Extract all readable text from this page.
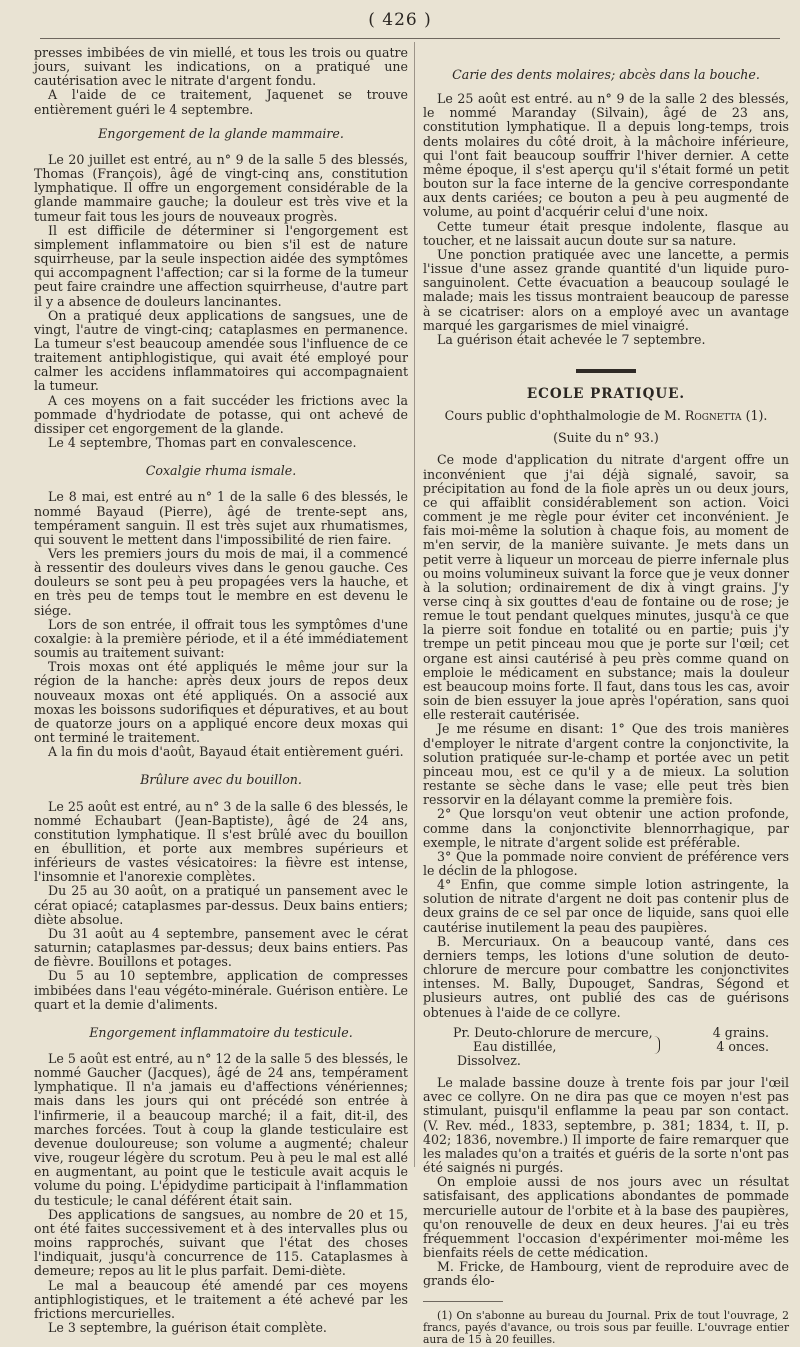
( 426 )

presses imbibées de vin miellé, et tous les trois ou quatre jours, suivant les indications, on a pratiqué une cautérisation avec le nitrate d'argent fondu.

A l'aide de ce traitement, Jaquenet se trouve entièrement guéri le 4 septembre.

Engorgement de la glande mammaire.

Le 20 juillet est entré, au n° 9 de la salle 5 des blessés, Thomas (François), âgé de vingt-cinq ans, constitution lymphatique. Il offre un engorgement considérable de la glande mammaire gauche; la douleur est très vive et la tumeur fait tous les jours de nouveaux progrès.

Il est difficile de déterminer si l'engorgement est simplement inflammatoire ou bien s'il est de nature squirrheuse, par la seule inspection aidée des symptômes qui accompagnent l'affection; car si la forme de la tumeur peut faire craindre une affection squirrheuse, d'autre part il y a absence de douleurs lancinantes.

On a pratiqué deux applications de sangsues, une de vingt, l'autre de vingt-cinq; cataplasmes en permanence. La tumeur s'est beaucoup amendée sous l'influence de ce traitement antiphlogistique, qui avait été employé pour calmer les accidens inflammatoires qui accompagnaient la tumeur.

A ces moyens on a fait succéder les frictions avec la pommade d'hydriodate de potasse, qui ont achevé de dissiper cet engorgement de la glande.

Le 4 septembre, Thomas part en convalescence.

Coxalgie rhuma ismale.

Le 8 mai, est entré au n° 1 de la salle 6 des blessés, le nommé Bayaud (Pierre), âgé de trente-sept ans, tempérament sanguin. Il est très sujet aux rhumatismes, qui souvent le mettent dans l'impossibilité de rien faire.

Vers les premiers jours du mois de mai, il a commencé à ressentir des douleurs vives dans le genou gauche. Ces douleurs se sont peu à peu propagées vers la hauche, et en très peu de temps tout le membre en est devenu le siége.

Lors de son entrée, il offrait tous les symptômes d'une coxalgie: à la première période, et il a été immédiatement soumis au traitement suivant:

Trois moxas ont été appliqués le même jour sur la région de la hanche: après deux jours de repos deux nouveaux moxas ont été appliqués. On a associé aux moxas les boissons sudorifiques et dépuratives, et au bout de quatorze jours on a appliqué encore deux moxas qui ont terminé le traitement.

A la fin du mois d'août, Bayaud était entièrement guéri.

Brûlure avec du bouillon.

Le 25 août est entré, au n° 3 de la salle 6 des blessés, le nommé Echaubart (Jean-Baptiste), âgé de 24 ans, constitution lymphatique. Il s'est brûlé avec du bouillon en ébullition, et porte aux membres supérieurs et inférieurs de vastes vésicatoires: la fièvre est intense, l'insomnie et l'anorexie complètes.

Du 25 au 30 août, on a pratiqué un pansement avec le cérat opiacé; cataplasmes par-dessus. Deux bains entiers; diète absolue.

Du 31 août au 4 septembre, pansement avec le cérat saturnin; cataplasmes par-dessus; deux bains entiers. Pas de fièvre. Bouillons et potages.

Du 5 au 10 septembre, application de compresses imbibées dans l'eau végéto-minérale. Guérison entière. Le quart et la demie d'aliments.

Engorgement inflammatoire du testicule.

Le 5 août est entré, au n° 12 de la salle 5 des blessés, le nommé Gaucher (Jacques), âgé de 24 ans, tempérament lymphatique. Il n'a jamais eu d'affections vénériennes; mais dans les jours qui ont précédé son entrée à l'infirmerie, il a beaucoup marché; il a fait, dit-il, des marches forcées. Tout à coup la glande testiculaire est devenue douloureuse; son volume a augmenté; chaleur vive, rougeur légère du scrotum. Peu à peu le mal est allé en augmentant, au point que le testicule avait acquis le volume du poing. L'épidydime participait à l'inflammation du testicule; le canal déférent était sain.

Des applications de sangsues, au nombre de 20 et 15, ont été faites successivement et à des intervalles plus ou moins rapprochés, suivant que l'état des choses l'indiquait, jusqu'à concurrence de 115. Cataplasmes à demeure; repos au lit le plus parfait. Demi-diète.

Le mal a beaucoup été amendé par ces moyens antiphlogistiques, et le traitement a été achevé par les frictions mercurielles.

Le 3 septembre, la guérison était complète.

Carie des dents molaires; abcès dans la bouche.

Le 25 août est entré. au n° 9 de la salle 2 des blessés, le nommé Maranday (Silvain), âgé de 23 ans, constitution lymphatique. Il a depuis long-temps, trois dents molaires du côté droit, à la mâchoire inférieure, qui l'ont fait beaucoup souffrir l'hiver dernier. A cette même époque, il s'est aperçu qu'il s'était formé un petit bouton sur la face interne de la gencive correspondante aux dents cariées; ce bouton a peu à peu augmenté de volume, au point d'acquérir celui d'une noix.

Cette tumeur était presque indolente, flasque au toucher, et ne laissait aucun doute sur sa nature.

Une ponction pratiquée avec une lancette, a permis l'issue d'une assez grande quantité d'un liquide puro-sanguinolent. Cette évacuation a beaucoup soulagé le malade; mais les tissus montraient beaucoup de paresse à se cicatriser: alors on a employé avec un avantage marqué les gargarismes de miel vinaigré.

La guérison était achevée le 7 septembre.

ECOLE PRATIQUE.
Cours public d'ophthalmologie de M. Rognetta (1).
(Suite du n° 93.)

Ce mode d'application du nitrate d'argent offre un inconvénient que j'ai déjà signalé, savoir, sa précipitation au fond de la fiole après un ou deux jours, ce qui affaiblit considérablement son action. Voici comment je me règle pour éviter cet inconvénient. Je fais moi-même la solution à chaque fois, au moment de m'en servir, de la manière suivante. Je mets dans un petit verre à liqueur un morceau de pierre infernale plus ou moins volumineux suivant la force que je veux donner à la solution; ordinairement de dix à vingt grains. J'y verse cinq à six gouttes d'eau de fontaine ou de rose; je remue le tout pendant quelques minutes, jusqu'à ce que la pierre soit fondue en totalité ou en partie; puis j'y trempe un petit pinceau mou que je porte sur l'œil; cet organe est ainsi cautérisé à peu près comme quand on emploie le médicament en substance; mais la douleur est beaucoup moins forte. Il faut, dans tous les cas, avoir soin de bien essuyer la joue après l'opération, sans quoi elle resterait cautérisée.

Je me résume en disant: 1° Que des trois manières d'employer le nitrate d'argent contre la conjonctivite, la solution pratiquée sur-le-champ et portée avec un petit pinceau mou, est ce qu'il y a de mieux. La solution restante se sèche dans le vase; elle peut très bien ressorvir en la délayant comme la première fois.

2° Que lorsqu'on veut obtenir une action profonde, comme dans la conjonctivite blennorrhagique, par exemple, le nitrate d'argent solide est préférable.

3° Que la pommade noire convient de préférence vers le déclin de la phlogose.

4° Enfin, que comme simple lotion astringente, la solution de nitrate d'argent ne doit pas contenir plus de deux grains de ce sel par once de liquide, sans quoi elle cautérise inutilement la peau des paupières.

B. Mercuriaux. On a beaucoup vanté, dans ces derniers temps, les lotions d'une solution de deuto-chlorure de mercure pour combattre les conjonctivites intenses. M. Bally, Dupouget, Sandras, Ségond et plusieurs autres, ont publié des cas de guérisons obtenues à l'aide de ce collyre.

Pr. Deuto-chlorure de mercure,	4 grains.
Eau distillée,	4 onces.
Dissolvez.

Le malade bassine douze à trente fois par jour l'œil avec ce collyre. On ne dira pas que ce moyen n'est pas stimulant, puisqu'il enflamme la peau par son contact. (V. Rev. méd., 1833, septembre, p. 381; 1834, t. II, p. 402; 1836, novembre.) Il importe de faire remarquer que les malades qu'on a traités et guéris de la sorte n'ont pas été saignés ni purgés.

On emploie aussi de nos jours avec un résultat satisfaisant, des applications abondantes de pommade mercurielle autour de l'orbite et à la base des paupières, qu'on renouvelle de deux en deux heures. J'ai eu très fréquemment l'occasion d'expérimenter moi-même les bienfaits réels de cette médication.

M. Fricke, de Hambourg, vient de reproduire avec de grands élo-

(1) On s'abonne au bureau du Journal. Prix de tout l'ouvrage, 2 francs, payés d'avance, ou trois sous par feuille. L'ouvrage entier aura de 15 à 20 feuilles.
